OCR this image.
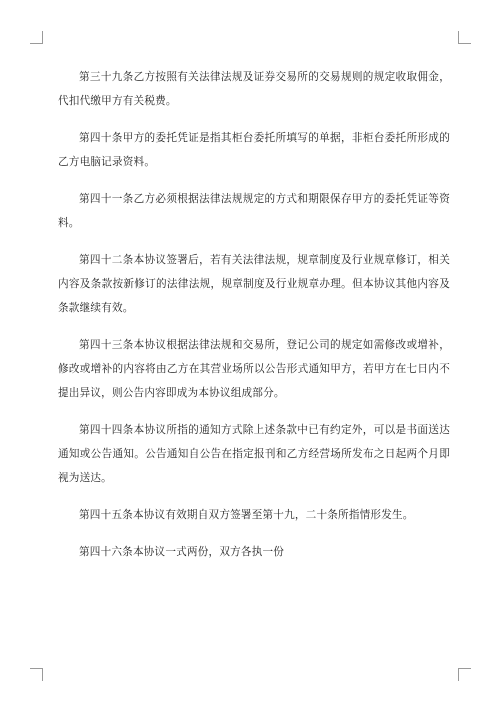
第三十九条乙方按照有关法律法规及证券交易所的交易规则的规定收取佣金，代扣代缴甲方有关税费。

第四十条甲方的委托凭证是指其柜台委托所填写的单据，非柜台委托所形成的乙方电脑记录资料。

第四十一条乙方必须根据法律法规规定的方式和期限保存甲方的委托凭证等资料。

第四十二条本协议签署后，若有关法律法规，规章制度及行业规章修订，相关内容及条款按新修订的法律法规，规章制度及行业规章办理。但本协议其他内容及条款继续有效。

第四十三条本协议根据法律法规和交易所，登记公司的规定如需修改或增补，修改或增补的内容将由乙方在其营业场所以公告形式通知甲方，若甲方在七日内不提出异议，则公告内容即成为本协议组成部分。

第四十四条本协议所指的通知方式除上述条款中已有约定外，可以是书面送达通知或公告通知。公告通知自公告在指定报刊和乙方经营场所发布之日起两个月即视为送达。

第四十五条本协议有效期自双方签署至第十九，二十条所指情形发生。

第四十六条本协议一式两份，双方各执一份
